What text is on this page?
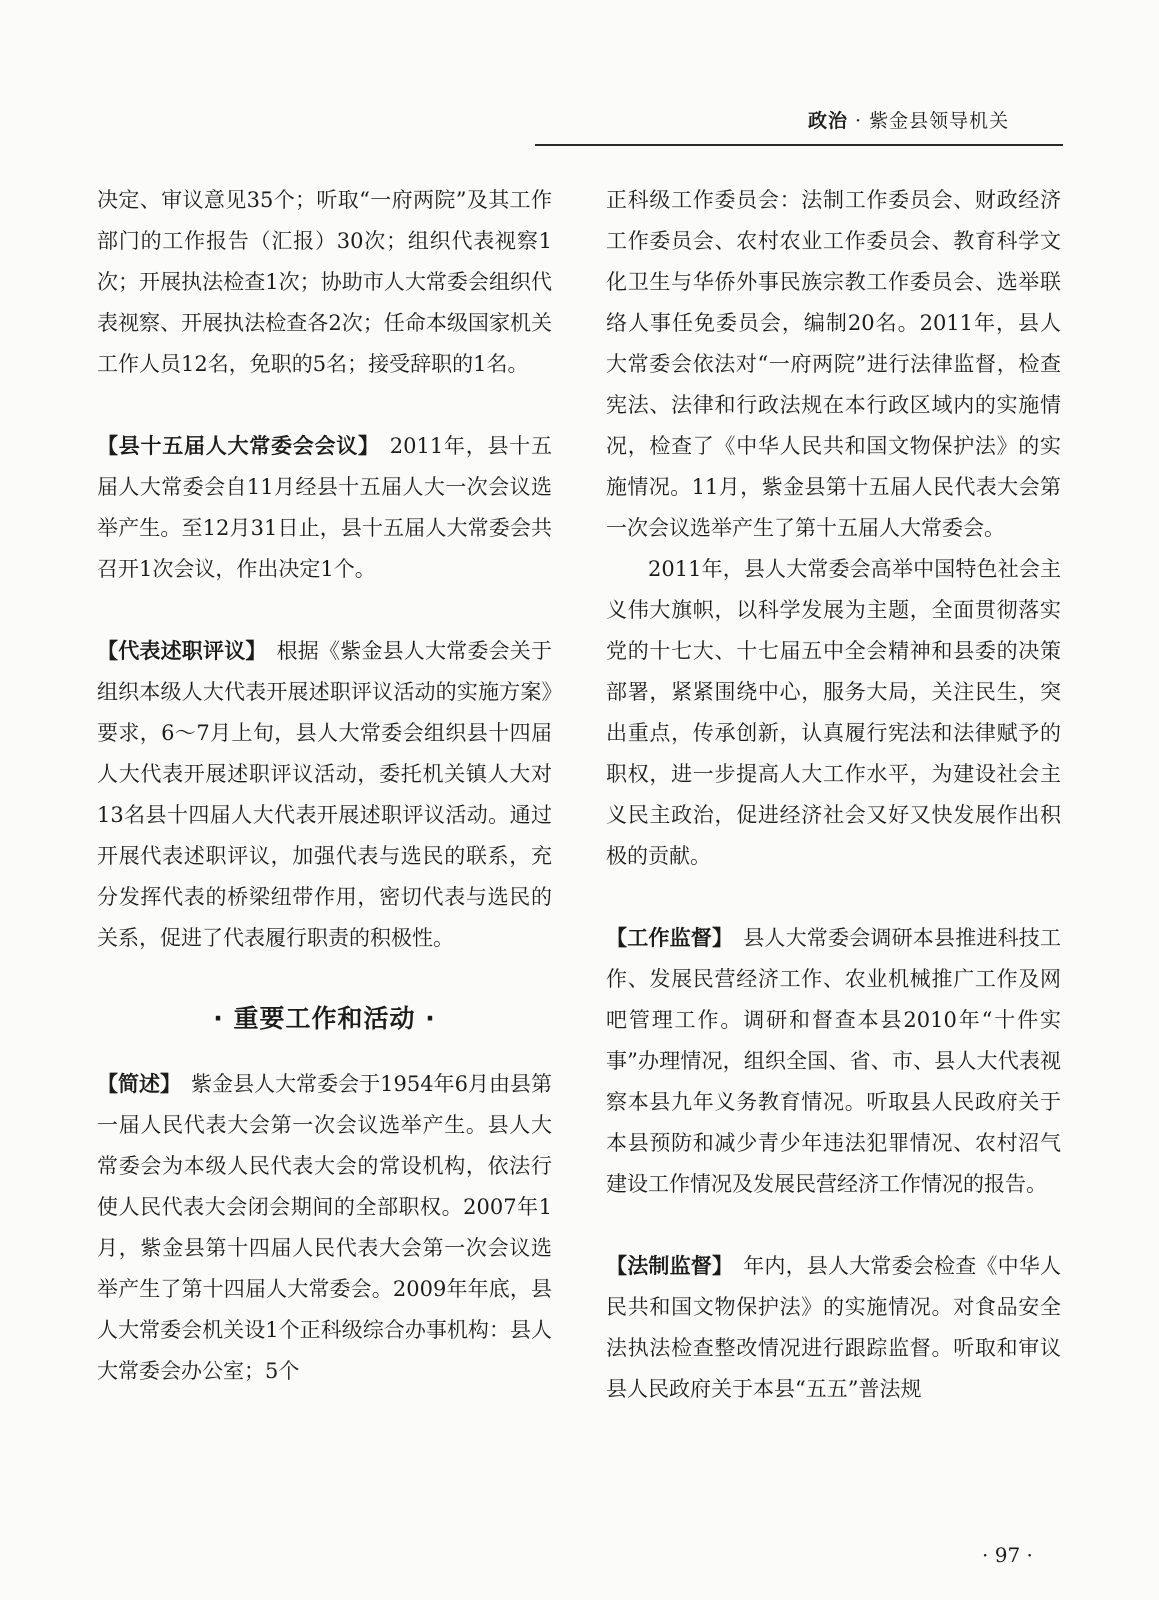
政治 · 紫金县领导机关

决定、审议意见35个；听取“一府两院”及其工作部门的工作报告（汇报）30次；组织代表视察1次；开展执法检查1次；协助市人大常委会组织代表视察、开展执法检查各2次；任命本级国家机关工作人员12名，免职的5名；接受辞职的1名。

【县十五届人大常委会会议】 2011年，县十五届人大常委会自11月经县十五届人大一次会议选举产生。至12月31日止，县十五届人大常委会共召开1次会议，作出决定1个。

【代表述职评议】 根据《紫金县人大常委会关于组织本级人大代表开展述职评议活动的实施方案》要求，6～7月上旬，县人大常委会组织县十四届人大代表开展述职评议活动，委托机关镇人大对13名县十四届人大代表开展述职评议活动。通过开展代表述职评议，加强代表与选民的联系，充分发挥代表的桥梁纽带作用，密切代表与选民的关系，促进了代表履行职责的积极性。

· 重要工作和活动 ·

【简述】 紫金县人大常委会于1954年6月由县第一届人民代表大会第一次会议选举产生。县人大常委会为本级人民代表大会的常设机构，依法行使人民代表大会闭会期间的全部职权。2007年1月，紫金县第十四届人民代表大会第一次会议选举产生了第十四届人大常委会。2009年年底，县人大常委会机关设1个正科级综合办事机构：县人大常委会办公室；5个

正科级工作委员会：法制工作委员会、财政经济工作委员会、农村农业工作委员会、教育科学文化卫生与华侨外事民族宗教工作委员会、选举联络人事任免委员会，编制20名。2011年，县人大常委会依法对“一府两院”进行法律监督，检查宪法、法律和行政法规在本行政区域内的实施情况，检查了《中华人民共和国文物保护法》的实施情况。11月，紫金县第十五届人民代表大会第一次会议选举产生了第十五届人大常委会。

2011年，县人大常委会高举中国特色社会主义伟大旗帜，以科学发展为主题，全面贯彻落实党的十七大、十七届五中全会精神和县委的决策部署，紧紧围绕中心，服务大局，关注民生，突出重点，传承创新，认真履行宪法和法律赋予的职权，进一步提高人大工作水平，为建设社会主义民主政治，促进经济社会又好又快发展作出积极的贡献。

【工作监督】 县人大常委会调研本县推进科技工作、发展民营经济工作、农业机械推广工作及网吧管理工作。调研和督查本县2010年“十件实事”办理情况，组织全国、省、市、县人大代表视察本县九年义务教育情况。听取县人民政府关于本县预防和减少青少年违法犯罪情况、农村沼气建设工作情况及发展民营经济工作情况的报告。

【法制监督】 年内，县人大常委会检查《中华人民共和国文物保护法》的实施情况。对食品安全法执法检查整改情况进行跟踪监督。听取和审议县人民政府关于本县“五五”普法规

· 97 ·
